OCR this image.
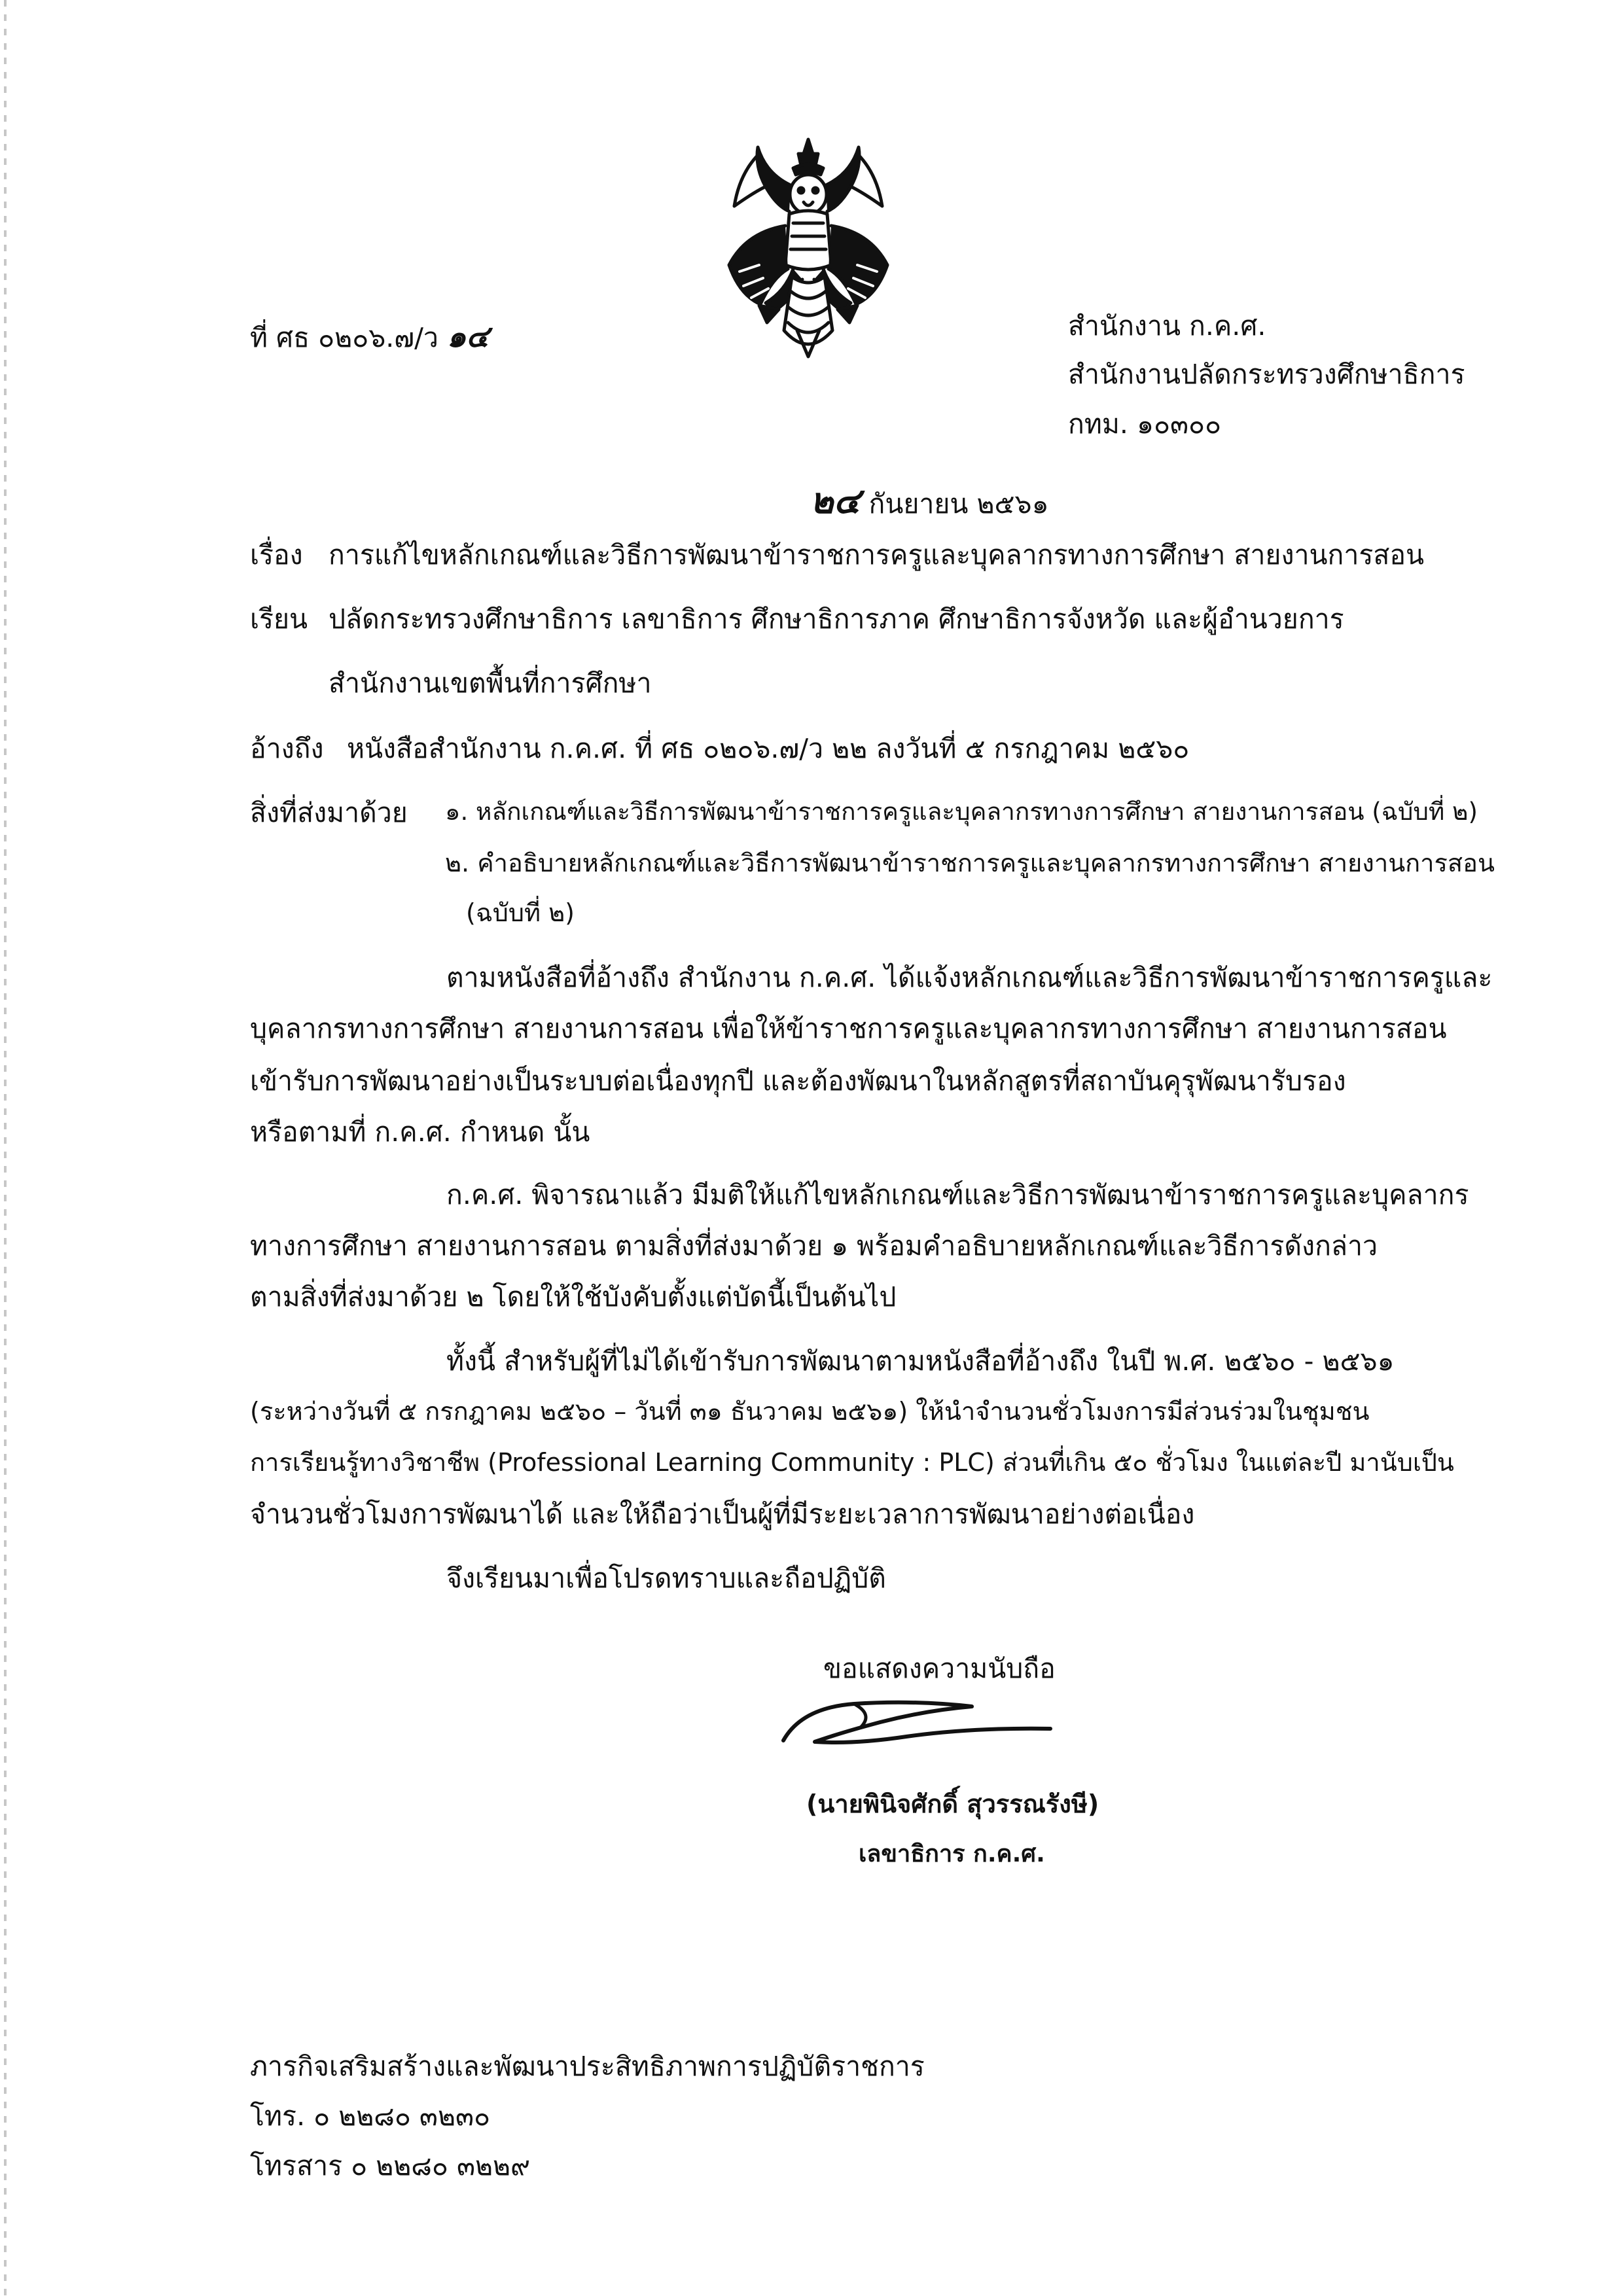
ที่ ศธ ๐๒๐๖.๗/ว ๑๔	สำนักงาน ก.ค.ศ.
สำนักงานปลัดกระทรวงศึกษาธิการ
กทม. ๑๐๓๐๐
๒๔ กันยายน ๒๕๖๑
เรื่อง การแก้ไขหลักเกณฑ์และวิธีการพัฒนาข้าราชการครูและบุคลากรทางการศึกษา สายงานการสอน
เรียน ปลัดกระทรวงศึกษาธิการ เลขาธิการ ศึกษาธิการภาค ศึกษาธิการจังหวัด และผู้อำนวยการ
สำนักงานเขตพื้นที่การศึกษา
อ้างถึง หนังสือสำนักงาน ก.ค.ศ. ที่ ศธ ๐๒๐๖.๗/ว ๒๒ ลงวันที่ ๕ กรกฎาคม ๒๕๖๐
สิ่งที่ส่งมาด้วย ๑. หลักเกณฑ์และวิธีการพัฒนาข้าราชการครูและบุคลากรทางการศึกษา สายงานการสอน (ฉบับที่ ๒)
๒. คำอธิบายหลักเกณฑ์และวิธีการพัฒนาข้าราชการครูและบุคลากรทางการศึกษา สายงานการสอน
(ฉบับที่ ๒)
ตามหนังสือที่อ้างถึง สำนักงาน ก.ค.ศ. ได้แจ้งหลักเกณฑ์และวิธีการพัฒนาข้าราชการครูและ
บุคลากรทางการศึกษา สายงานการสอน เพื่อให้ข้าราชการครูและบุคลากรทางการศึกษา สายงานการสอน
เข้ารับการพัฒนาอย่างเป็นระบบต่อเนื่องทุกปี และต้องพัฒนาในหลักสูตรที่สถาบันคุรุพัฒนารับรอง
หรือตามที่ ก.ค.ศ. กำหนด นั้น
ก.ค.ศ. พิจารณาแล้ว มีมติให้แก้ไขหลักเกณฑ์และวิธีการพัฒนาข้าราชการครูและบุคลากร
ทางการศึกษา สายงานการสอน ตามสิ่งที่ส่งมาด้วย ๑ พร้อมคำอธิบายหลักเกณฑ์และวิธีการดังกล่าว
ตามสิ่งที่ส่งมาด้วย ๒ โดยให้ใช้บังคับตั้งแต่บัดนี้เป็นต้นไป
ทั้งนี้ สำหรับผู้ที่ไม่ได้เข้ารับการพัฒนาตามหนังสือที่อ้างถึง ในปี พ.ศ. ๒๕๖๐ - ๒๕๖๑
(ระหว่างวันที่ ๕ กรกฎาคม ๒๕๖๐ – วันที่ ๓๑ ธันวาคม ๒๕๖๑) ให้นำจำนวนชั่วโมงการมีส่วนร่วมในชุมชน
การเรียนรู้ทางวิชาชีพ (Professional Learning Community : PLC) ส่วนที่เกิน ๕๐ ชั่วโมง ในแต่ละปี มานับเป็น
จำนวนชั่วโมงการพัฒนาได้ และให้ถือว่าเป็นผู้ที่มีระยะเวลาการพัฒนาอย่างต่อเนื่อง
จึงเรียนมาเพื่อโปรดทราบและถือปฏิบัติ
ขอแสดงความนับถือ
(นายพินิจศักดิ์ สุวรรณรังษี)
เลขาธิการ ก.ค.ศ.
ภารกิจเสริมสร้างและพัฒนาประสิทธิภาพการปฏิบัติราชการ
โทร. ๐ ๒๒๘๐ ๓๒๓๐
โทรสาร ๐ ๒๒๘๐ ๓๒๒๙
